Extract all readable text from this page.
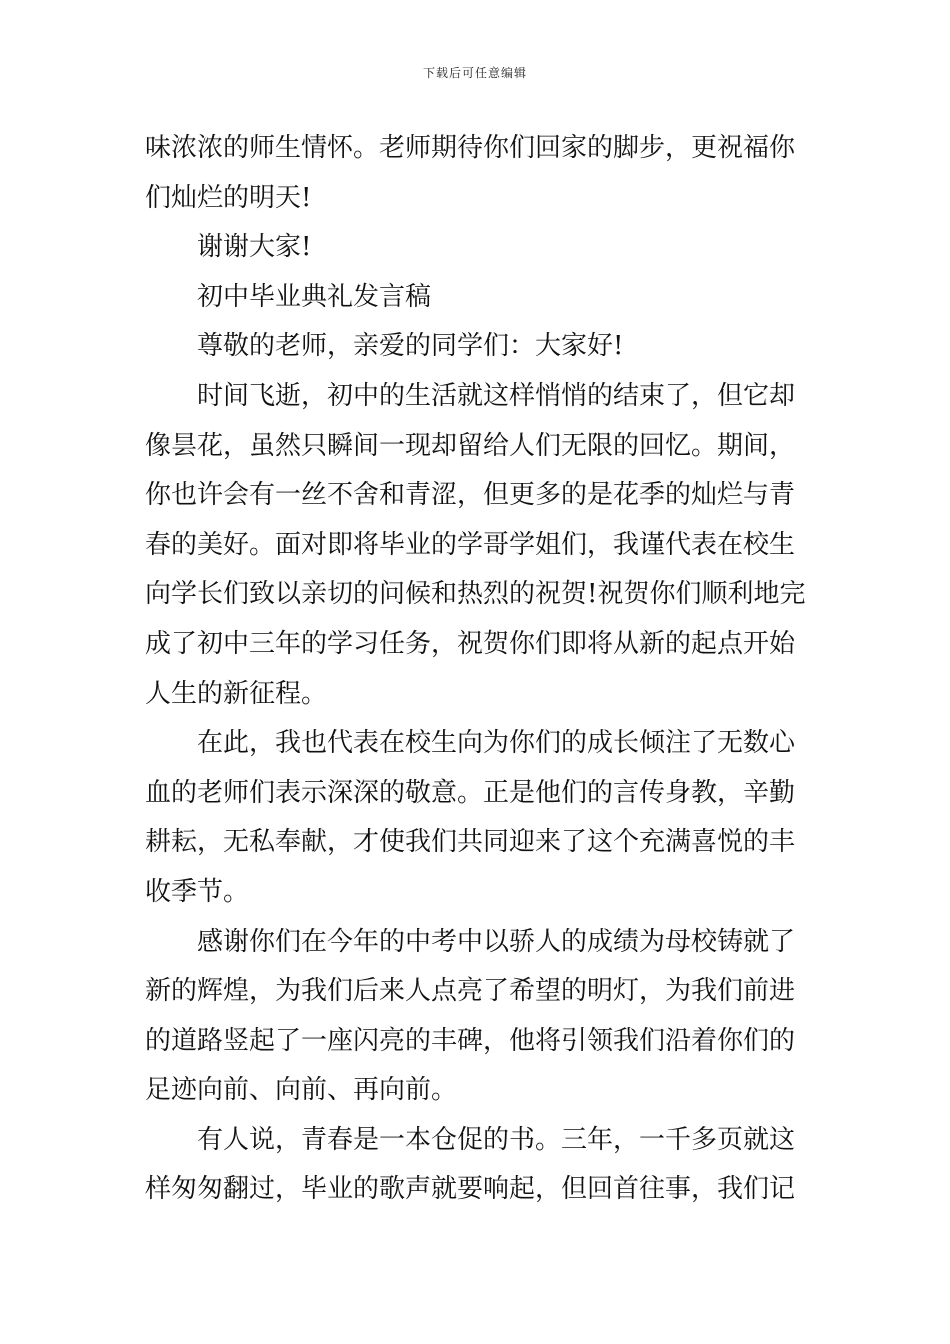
下载后可任意编辑
味浓浓的师生情怀。老师期待你们回家的脚步，更祝福你
们灿烂的明天!
谢谢大家!
初中毕业典礼发言稿
尊敬的老师，亲爱的同学们：大家好!
时间飞逝，初中的生活就这样悄悄的结束了，但它却
像昙花，虽然只瞬间一现却留给人们无限的回忆。期间，
你也许会有一丝不舍和青涩，但更多的是花季的灿烂与青
春的美好。面对即将毕业的学哥学姐们，我谨代表在校生
向学长们致以亲切的问候和热烈的祝贺!祝贺你们顺利地完
成了初中三年的学习任务，祝贺你们即将从新的起点开始
人生的新征程。
在此，我也代表在校生向为你们的成长倾注了无数心
血的老师们表示深深的敬意。正是他们的言传身教，辛勤
耕耘，无私奉献，才使我们共同迎来了这个充满喜悦的丰
收季节。
感谢你们在今年的中考中以骄人的成绩为母校铸就了
新的辉煌，为我们后来人点亮了希望的明灯，为我们前进
的道路竖起了一座闪亮的丰碑，他将引领我们沿着你们的
足迹向前、向前、再向前。
有人说，青春是一本仓促的书。三年，一千多页就这
样匆匆翻过，毕业的歌声就要响起，但回首往事，我们记
